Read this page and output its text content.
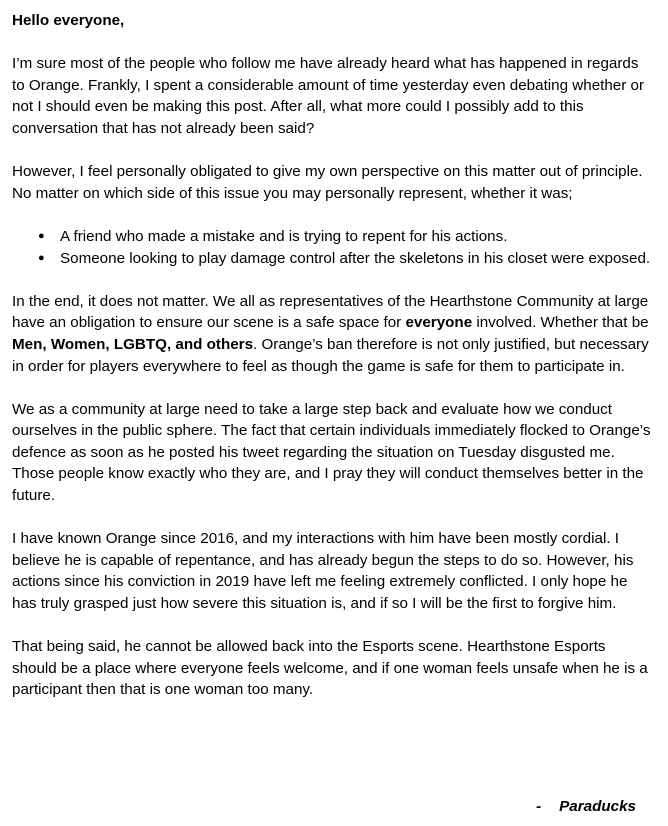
Hello everyone,

I’m sure most of the people who follow me have already heard what has happened in regards to Orange. Frankly, I spent a considerable amount of time yesterday even debating whether or not I should even be making this post. After all, what more could I possibly add to this conversation that has not already been said?

However, I feel personally obligated to give my own perspective on this matter out of principle. No matter on which side of this issue you may personally represent, whether it was;

● A friend who made a mistake and is trying to repent for his actions.
● Someone looking to play damage control after the skeletons in his closet were exposed.

In the end, it does not matter. We all as representatives of the Hearthstone Community at large have an obligation to ensure our scene is a safe space for everyone involved. Whether that be Men, Women, LGBTQ, and others. Orange’s ban therefore is not only justified, but necessary in order for players everywhere to feel as though the game is safe for them to participate in.

We as a community at large need to take a large step back and evaluate how we conduct ourselves in the public sphere. The fact that certain individuals immediately flocked to Orange’s defence as soon as he posted his tweet regarding the situation on Tuesday disgusted me. Those people know exactly who they are, and I pray they will conduct themselves better in the future.

I have known Orange since 2016, and my interactions with him have been mostly cordial. I believe he is capable of repentance, and has already begun the steps to do so. However, his actions since his conviction in 2019 have left me feeling extremely conflicted. I only hope he has truly grasped just how severe this situation is, and if so I will be the first to forgive him.

That being said, he cannot be allowed back into the Esports scene. Hearthstone Esports should be a place where everyone feels welcome, and if one woman feels unsafe when he is a participant then that is one woman too many.

- Paraducks
